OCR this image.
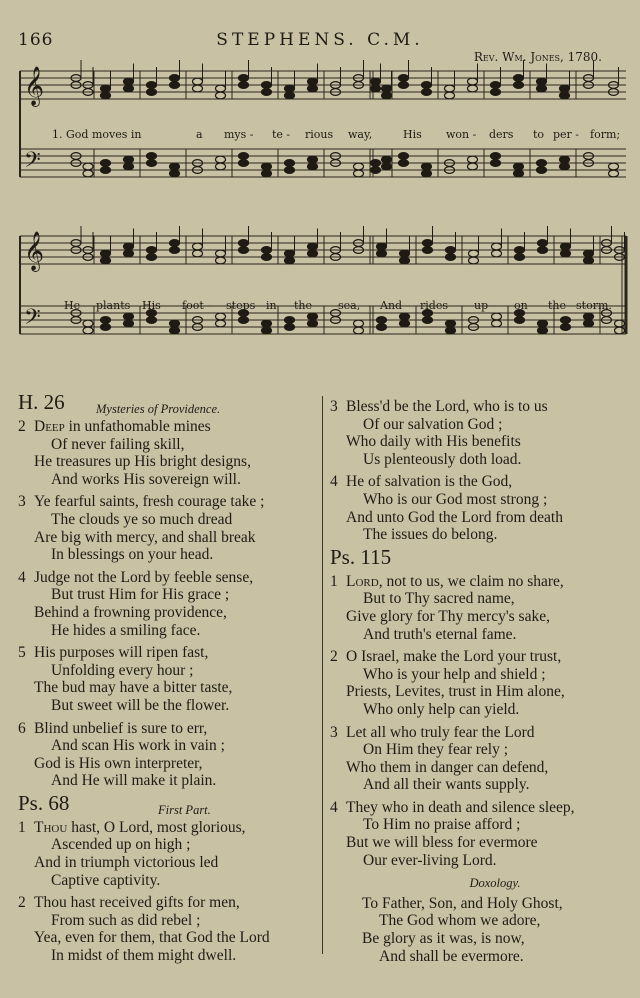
166	STEPHENS. C.M.
Rev. Wm. Jones, 1780.
𝄞
𝄢
1. God moves in	a mys - te - rious way,	His won - ders to per - form;
𝄞
𝄢 He plants His foot - steps in the sea, And rides up - on the storm.
H. 26	Mysteries of Providence.
2 Deep in unfathomable mines
Of never failing skill,
He treasures up His bright designs,
And works His sovereign will.
3 Ye fearful saints, fresh courage take ;
The clouds ye so much dread
Are big with mercy, and shall break
In blessings on your head.
4 Judge not the Lord by feeble sense,
But trust Him for His grace ;
Behind a frowning providence,
He hides a smiling face.
5 His purposes will ripen fast,
Unfolding every hour ;
The bud may have a bitter taste,
But sweet will be the flower.
6 Blind unbelief is sure to err,
And scan His work in vain ;
God is His own interpreter,
And He will make it plain.
Ps. 68	First Part.
1 Thou hast, O Lord, most glorious,
Ascended up on high ;
And in triumph victorious led
Captive captivity.
2 Thou hast received gifts for men,
From such as did rebel ;
Yea, even for them, that God the Lord
In midst of them might dwell.
3 Bless'd be the Lord, who is to us
Of our salvation God ;
Who daily with His benefits
Us plenteously doth load.
4 He of salvation is the God,
Who is our God most strong ;
And unto God the Lord from death
The issues do belong.
Ps. 115
1 Lord, not to us, we claim no share,
But to Thy sacred name,
Give glory for Thy mercy's sake,
And truth's eternal fame.
2 O Israel, make the Lord your trust,
Who is your help and shield ;
Priests, Levites, trust in Him alone,
Who only help can yield.
3 Let all who truly fear the Lord
On Him they fear rely ;
Who them in danger can defend,
And all their wants supply.
4 They who in death and silence sleep,
To Him no praise afford ;
But we will bless for evermore
Our ever-living Lord.
Doxology.
To Father, Son, and Holy Ghost,
The God whom we adore,
Be glory as it was, is now,
And shall be evermore.
